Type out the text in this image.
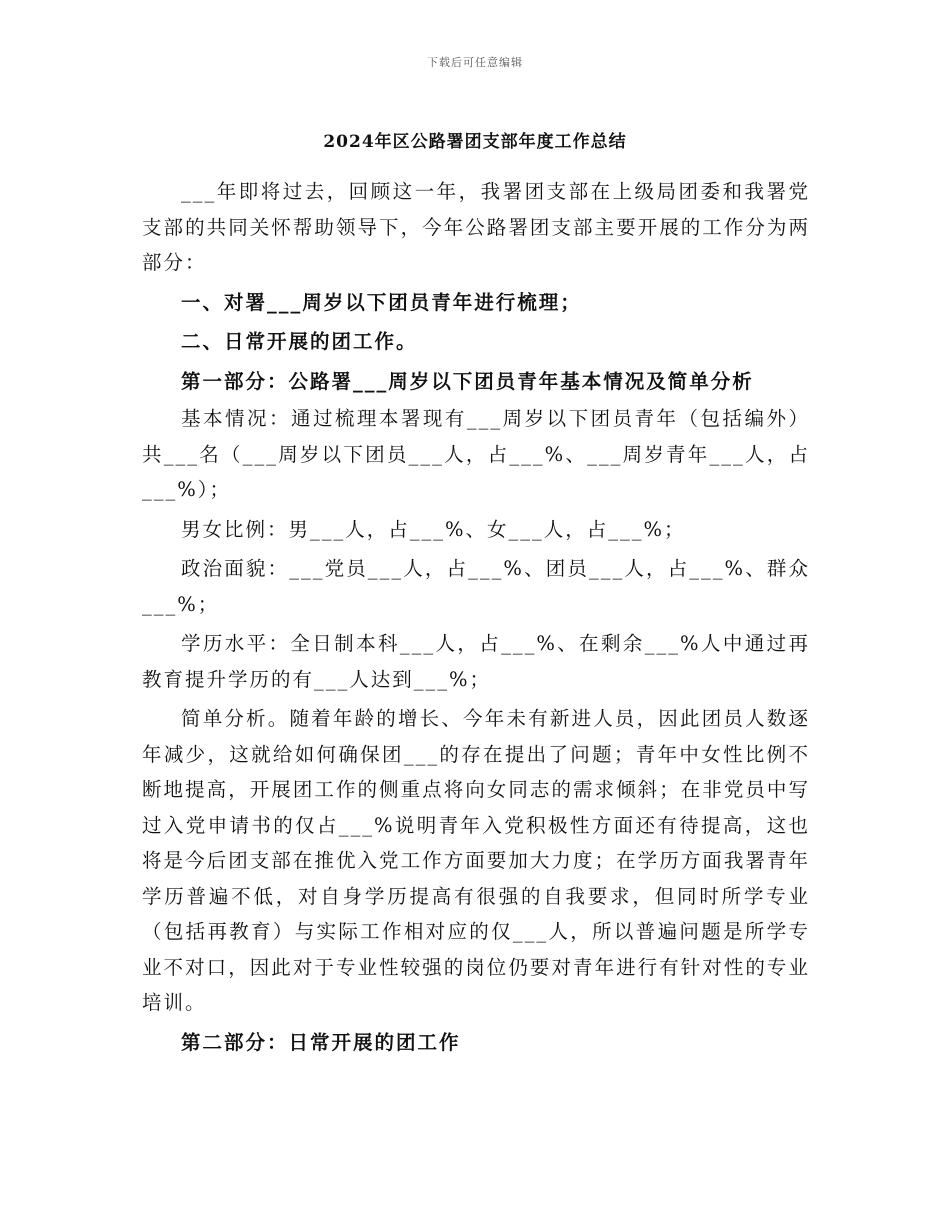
下载后可任意编辑
2024年区公路署团支部年度工作总结

___年即将过去，回顾这一年，我署团支部在上级局团委和我署党支部的共同关怀帮助领导下，今年公路署团支部主要开展的工作分为两部分：

一、对署___周岁以下团员青年进行梳理；

二、日常开展的团工作。

第一部分：公路署___周岁以下团员青年基本情况及简单分析

基本情况：通过梳理本署现有___周岁以下团员青年（包括编外）共___名（___周岁以下团员___人，占___%、___周岁青年___人，占___%）；

男女比例：男___人，占___%、女___人，占___%；

政治面貌：___党员___人，占___%、团员___人，占___%、群众___%；

学历水平：全日制本科___人，占___%、在剩余___%人中通过再教育提升学历的有___人达到___%；

简单分析。随着年龄的增长、今年未有新进人员，因此团员人数逐年减少，这就给如何确保团___的存在提出了问题；青年中女性比例不断地提高，开展团工作的侧重点将向女同志的需求倾斜；在非党员中写过入党申请书的仅占___%说明青年入党积极性方面还有待提高，这也将是今后团支部在推优入党工作方面要加大力度；在学历方面我署青年学历普遍不低，对自身学历提高有很强的自我要求，但同时所学专业（包括再教育）与实际工作相对应的仅___人，所以普遍问题是所学专业不对口，因此对于专业性较强的岗位仍要对青年进行有针对性的专业培训。

第二部分：日常开展的团工作
